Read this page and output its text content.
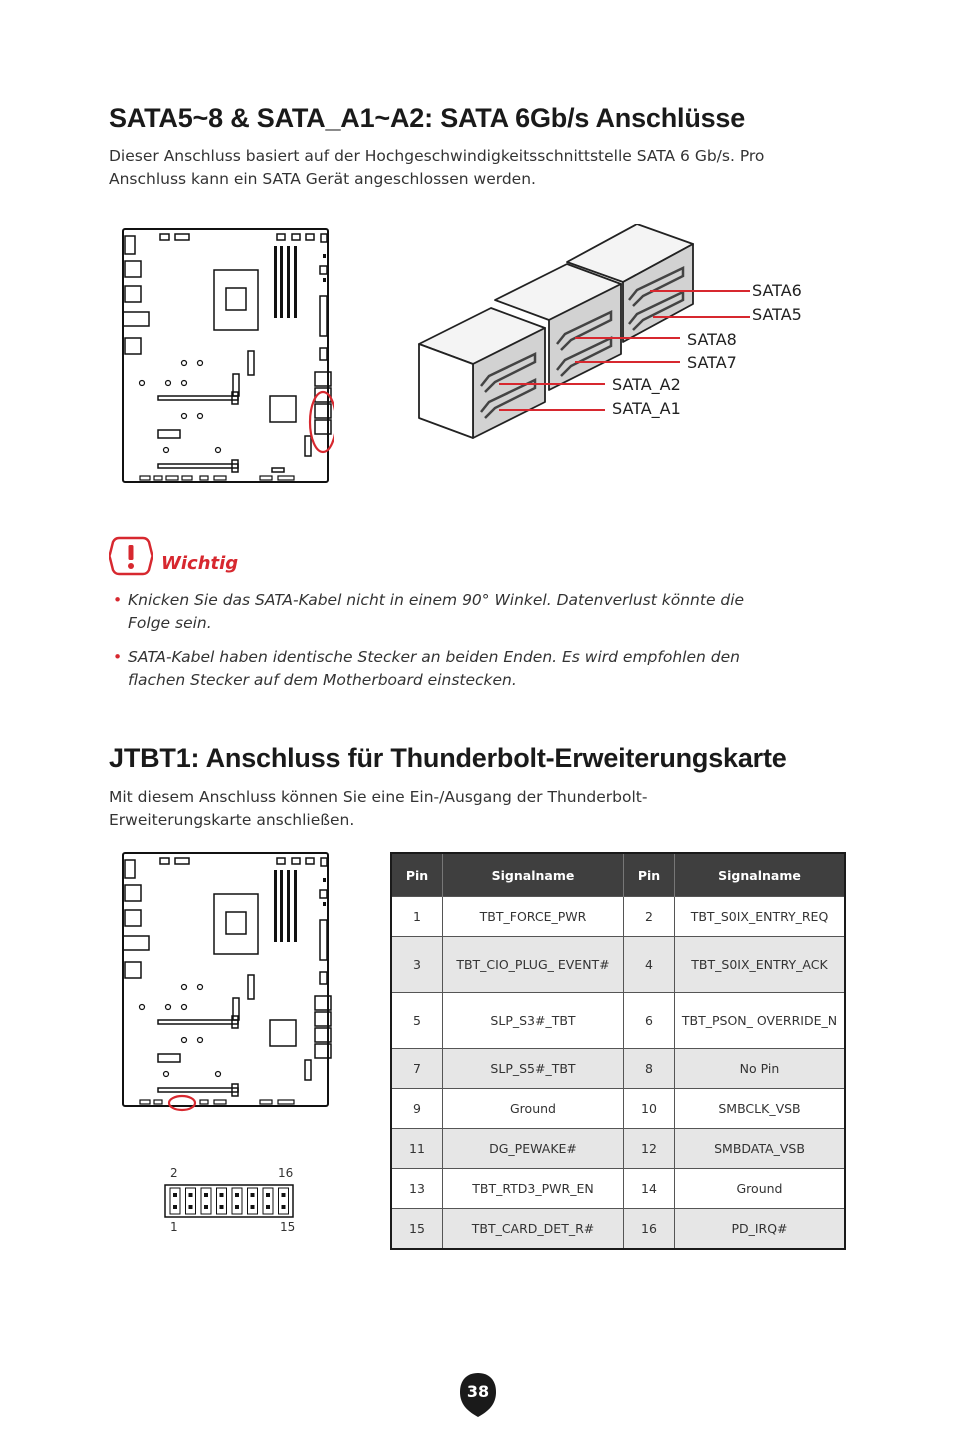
SATA5~8 & SATA_A1~A2: SATA 6Gb/s Anschlüsse
Dieser Anschluss basiert auf der Hochgeschwindigkeitsschnittstelle SATA 6 Gb/s. Pro
Anschluss kann ein SATA Gerät angeschlossen werden.
SATA6
SATA5
SATA8
SATA7
SATA_A2
SATA_A1
Wichtig
• Knicken Sie das SATA-Kabel nicht in einem 90° Winkel. Datenverlust könnte die
Folge sein.
• SATA-Kabel haben identische Stecker an beiden Enden. Es wird empfohlen den
flachen Stecker auf dem Motherboard einstecken.
JTBT1: Anschluss für Thunderbolt-Erweiterungskarte
Mit diesem Anschluss können Sie eine Ein-/Ausgang der Thunderbolt-
Erweiterungskarte anschließen.
2	16
1	15
Pin	Signalname	Pin	Signalname
1	TBT_FORCE_PWR	2	TBT_S0IX_ENTRY_REQ
3	TBT_CIO_PLUG_ EVENT#	4	TBT_S0IX_ENTRY_ACK
5	SLP_S3#_TBT	6	TBT_PSON_ OVERRIDE_N
7	SLP_S5#_TBT	8	No Pin
9	Ground	10	SMBCLK_VSB
11	DG_PEWAKE#	12	SMBDATA_VSB
13	TBT_RTD3_PWR_EN	14	Ground
15	TBT_CARD_DET_R#	16	PD_IRQ#
38
